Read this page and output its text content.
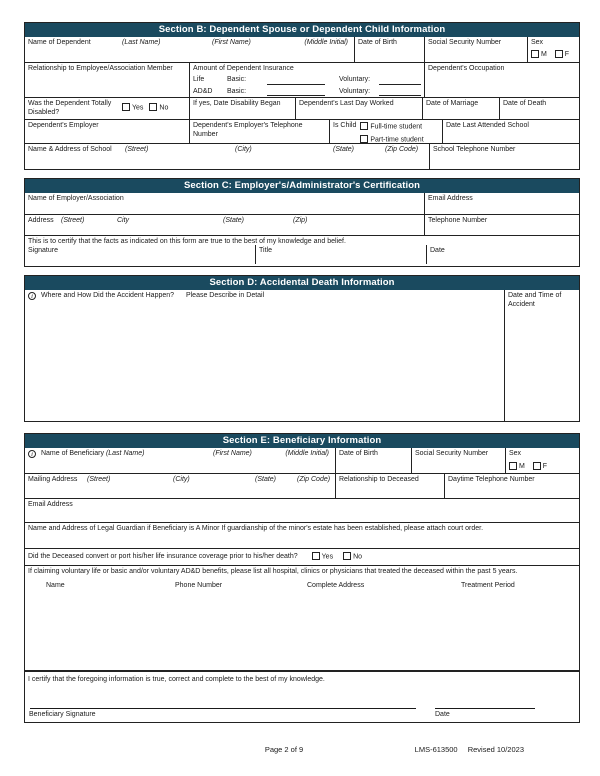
Section B: Dependent Spouse or Dependent Child Information
Name of Dependent	(Last Name)	(First Name)	(Middle Initial)	Date of Birth	Social Security Number	Sex
M	F
Relationship to Employee/Association Member	Amount of Dependent Insurance
Life	Basic:	Voluntary:
AD&D	Basic:	Voluntary:
Dependent's Occupation
Was the Dependent Totally Disabled?
Yes	No
If yes, Date Disability Began	Dependent's Last Day Worked	Date of Marriage	Date of Death
Dependent's Employer	Dependent's Employer's Telephone Number
Is Child	Full-time student
Part-time student
Date Last Attended School
Name & Address of School (Street)	(City)	(State)	(Zip Code)	School Telephone Number
Section C: Employer's/Administrator's Certification
Name of Employer/Association	Email Address
Address (Street)	City	(State)	(Zip)	Telephone Number
This is to certify that the facts as indicated on this form are true to the best of my knowledge and belief.
Signature	Title	Date
Section D: Accidental Death Information
i Where and How Did the Accident Happen? Please Describe in Detail	Date and Time of Accident
Section E: Beneficiary Information
i Name of Beneficiary (Last Name)	(First Name)	(Middle Initial)	Date of Birth	Social Security Number	Sex
M	F
Mailing Address (Street)	(City)	(State)	(Zip Code)	Relationship to Deceased	Daytime Telephone Number
Email Address
Name and Address of Legal Guardian if Beneficiary is A Minor If guardianship of the minor's estate has been established, please attach court order.
Did the Deceased convert or port his/her life insurance coverage prior to his/her death?	Yes	No
If claiming voluntary life or basic and/or voluntary AD&D benefits, please list all hospital, clinics or physicians that treated the deceased within the past 5 years.
Name	Phone Number	Complete Address	Treatment Period
I certify that the foregoing information is true, correct and complete to the best of my knowledge.
Beneficiary Signature	Date
Page 2 of 9	LMS-613500 Revised 10/2023
